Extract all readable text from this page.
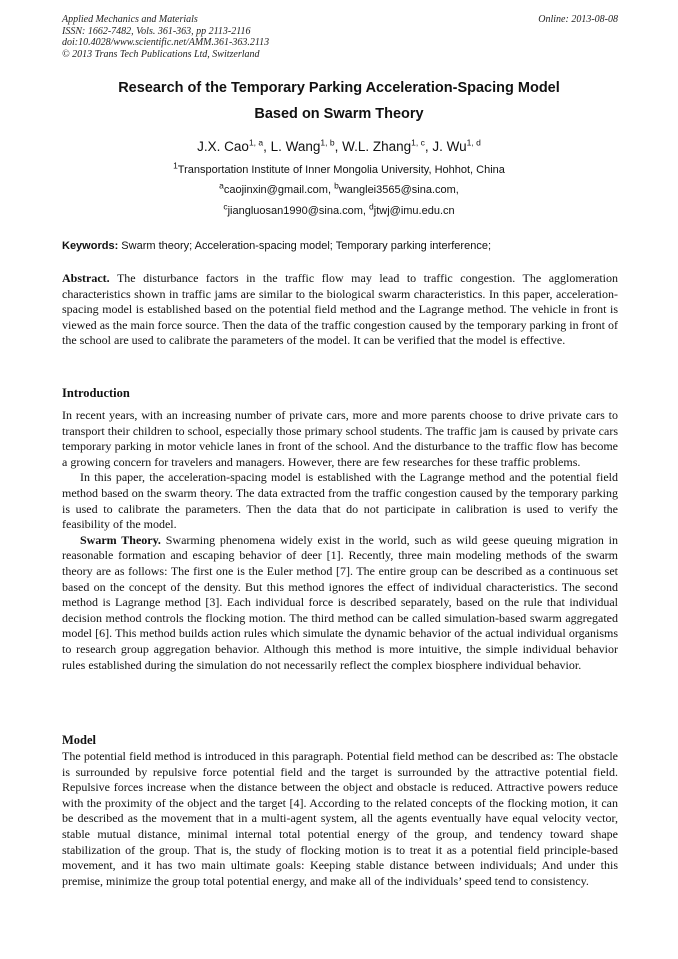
Applied Mechanics and Materials
ISSN: 1662-7482, Vols. 361-363, pp 2113-2116
doi:10.4028/www.scientific.net/AMM.361-363.2113
© 2013 Trans Tech Publications Ltd, Switzerland
Online: 2013-08-08
Research of the Temporary Parking Acceleration-Spacing Model
Based on Swarm Theory
J.X. Cao$^{1, a}$, L. Wang$^{1, b}$, W.L. Zhang$^{1, c}$, J. Wu$^{1, d}$
$^1$Transportation Institute of Inner Mongolia University, Hohhot, China
$^a$caojinxin@gmail.com, $^b$wanglei3565@sina.com,
$^c$jiangluosan1990@sina.com, $^d$jtwj@imu.edu.cn
Keywords: Swarm theory; Acceleration-spacing model; Temporary parking interference;
Abstract. The disturbance factors in the traffic flow may lead to traffic congestion. The agglomeration characteristics shown in traffic jams are similar to the biological swarm characteristics. In this paper, acceleration- spacing model is established based on the potential field method and the Lagrange method. The vehicle in front is viewed as the main force source. Then the data of the traffic congestion caused by the temporary parking in front of the school are used to calibrate the parameters of the model. It can be verified that the model is effective.
Introduction

In recent years, with an increasing number of private cars, more and more parents choose to drive private cars to transport their children to school, especially those primary school students. The traffic jam is caused by private cars temporary parking in motor vehicle lanes in front of the school. And the disturbance to the traffic flow has become a growing concern for travelers and managers. However, there are few researches for these traffic problems.

In this paper, the acceleration-spacing model is established with the Lagrange method and the potential field method based on the swarm theory. The data extracted from the traffic congestion caused by the temporary parking is used to calibrate the parameters. Then the data that do not participate in calibration is used to verify the feasibility of the model.

Swarm Theory. Swarming phenomena widely exist in the world, such as wild geese queuing migration in reasonable formation and escaping behavior of deer [1]. Recently, three main modeling methods of the swarm theory are as follows: The first one is the Euler method [7]. The entire group can be described as a continuous set based on the concept of the density. But this method ignores the effect of individual characteristics. The second method is Lagrange method [3]. Each individual force is described separately, based on the rule that individual decision method controls the flocking motion. The third method can be called simulation-based swarm aggregated model [6]. This method builds action rules which simulate the dynamic behavior of the actual individual organisms to research group aggregation behavior. Although this method is more intuitive, the simple individual behavior rules established during the simulation do not necessarily reflect the complex biosphere individual behavior.

Model

The potential field method is introduced in this paragraph. Potential field method can be described as: The obstacle is surrounded by repulsive force potential field and the target is surrounded by the attractive potential field. Repulsive forces increase when the distance between the object and obstacle is reduced. Attractive powers reduce with the proximity of the object and the target [4]. According to the related concepts of the flocking motion, it can be described as the movement that in a multi-agent system, all the agents eventually have equal velocity vector, stable mutual distance, minimal internal total potential energy of the group, and tendency toward shape stabilization of the group. That is, the study of flocking motion is to treat it as a potential field principle-based movement, and it has two main ultimate goals: Keeping stable distance between individuals; And under this premise, minimize the group total potential energy, and make all of the individuals’ speed tend to consistency.
